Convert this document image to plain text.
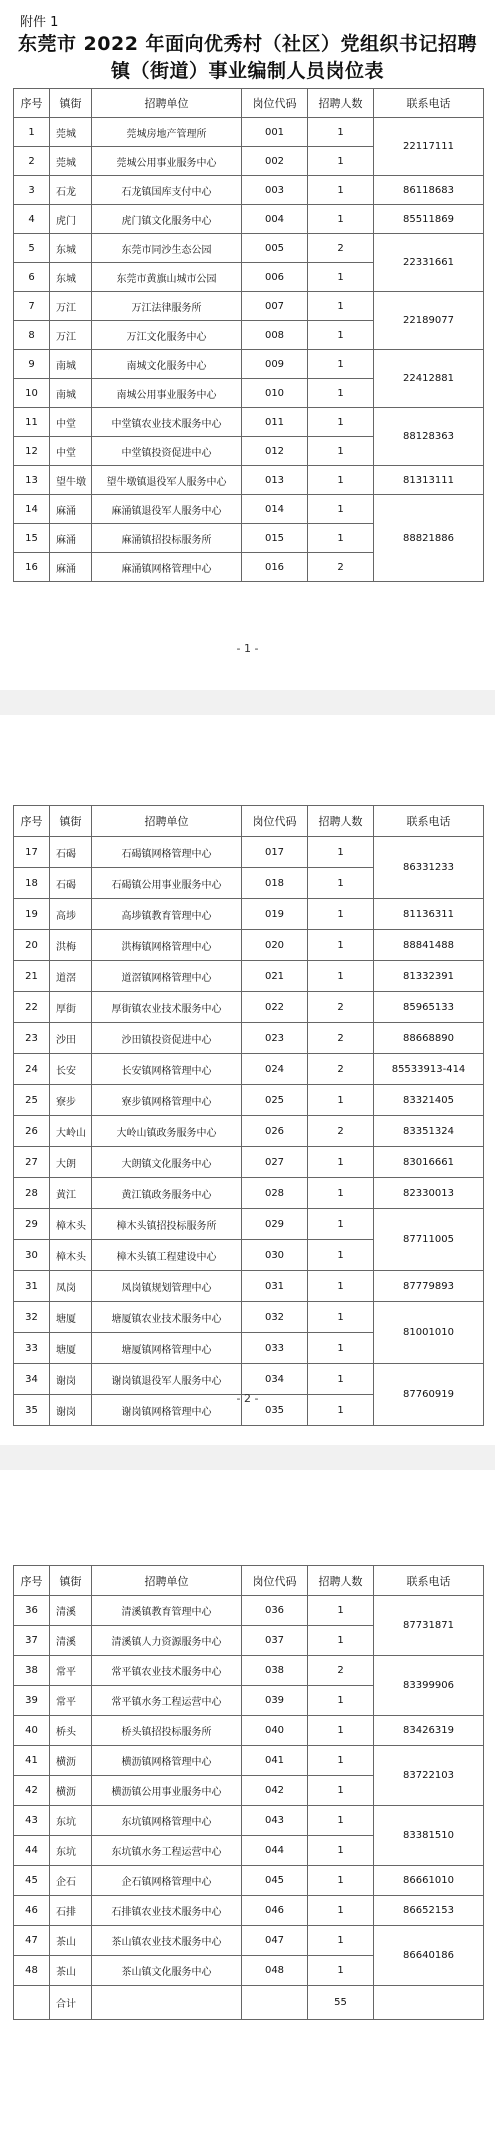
附件 1
东莞市 2022 年面向优秀村（社区）党组织书记招聘镇（街道）事业编制人员岗位表
序号	镇街	招聘单位	岗位代码	招聘人数	联系电话
1	莞城	莞城房地产管理所	001	1	22117111
2	莞城	莞城公用事业服务中心	002	1	
3	石龙	石龙镇国库支付中心	003	1	86118683
4	虎门	虎门镇文化服务中心	004	1	85511869
5	东城	东莞市同沙生态公园	005	2	22331661
6	东城	东莞市黄旗山城市公园	006	1	
7	万江	万江法律服务所	007	1	22189077
8	万江	万江文化服务中心	008	1	
9	南城	南城文化服务中心	009	1	22412881
10	南城	南城公用事业服务中心	010	1	
11	中堂	中堂镇农业技术服务中心	011	1	88128363
12	中堂	中堂镇投资促进中心	012	1	
13	望牛墩	望牛墩镇退役军人服务中心	013	1	81313111
14	麻涌	麻涌镇退役军人服务中心	014	1	88821886
15	麻涌	麻涌镇招投标服务所	015	1	
16	麻涌	麻涌镇网格管理中心	016	2	
- 1 -
序号	镇街	招聘单位	岗位代码	招聘人数	联系电话
17	石碣	石碣镇网格管理中心	017	1	86331233
18	石碣	石碣镇公用事业服务中心	018	1	
19	高埗	高埗镇教育管理中心	019	1	81136311
20	洪梅	洪梅镇网格管理中心	020	1	88841488
21	道滘	道滘镇网格管理中心	021	1	81332391
22	厚街	厚街镇农业技术服务中心	022	2	85965133
23	沙田	沙田镇投资促进中心	023	2	88668890
24	长安	长安镇网格管理中心	024	2	85533913-414
25	寮步	寮步镇网格管理中心	025	1	83321405
26	大岭山	大岭山镇政务服务中心	026	2	83351324
27	大朗	大朗镇文化服务中心	027	1	83016661
28	黄江	黄江镇政务服务中心	028	1	82330013
29	樟木头	樟木头镇招投标服务所	029	1	87711005
30	樟木头	樟木头镇工程建设中心	030	1	
31	凤岗	凤岗镇规划管理中心	031	1	87779893
32	塘厦	塘厦镇农业技术服务中心	032	1	81001010
33	塘厦	塘厦镇网格管理中心	033	1	
34	谢岗	谢岗镇退役军人服务中心	034	1	87760919
35	谢岗	谢岗镇网格管理中心	035	1	
- 2 -
序号	镇街	招聘单位	岗位代码	招聘人数	联系电话
36	清溪	清溪镇教育管理中心	036	1	87731871
37	清溪	清溪镇人力资源服务中心	037	1	
38	常平	常平镇农业技术服务中心	038	2	83399906
39	常平	常平镇水务工程运营中心	039	1	
40	桥头	桥头镇招投标服务所	040	1	83426319
41	横沥	横沥镇网格管理中心	041	1	83722103
42	横沥	横沥镇公用事业服务中心	042	1	
43	东坑	东坑镇网格管理中心	043	1	83381510
44	东坑	东坑镇水务工程运营中心	044	1	
45	企石	企石镇网格管理中心	045	1	86661010
46	石排	石排镇农业技术服务中心	046	1	86652153
47	茶山	茶山镇农业技术服务中心	047	1	86640186
48	茶山	茶山镇文化服务中心	048	1	
	合计			55	
